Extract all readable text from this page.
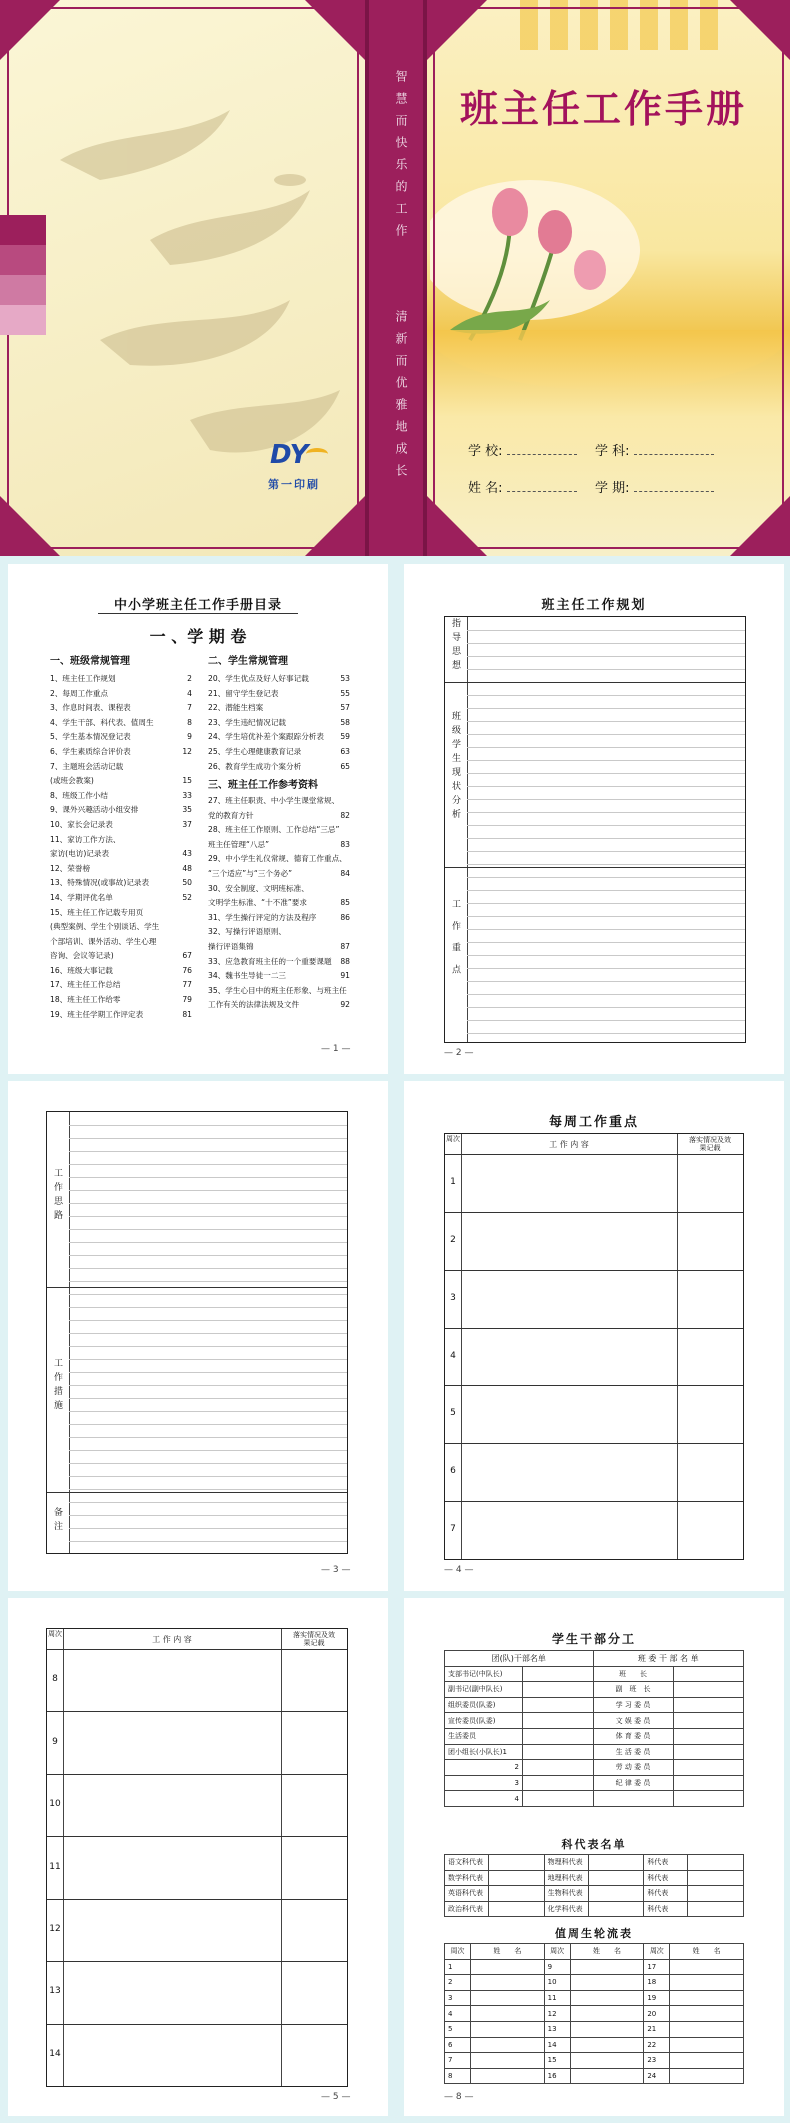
智慧而快乐的工作
清新而优雅地成长
班主任工作手册
学 校:	学 科:
姓 名:	学 期:
DY
第一印刷
中小学班主任工作手册目录
一 、学 期 卷
一、班级常规管理	二、学生常规管理
1、班主任工作规划	2
2、每周工作重点	4
3、作息时间表、课程表	7
4、学生干部、科代表、值周生	8
5、学生基本情况登记表	9
6、学生素质综合评价表	12
7、主题班会活动记载
(或班会教案)	15
8、班级工作小结	33
9、课外兴趣活动小组安排	35
10、家长会记录表	37
11、家访工作方法、
家访(电访)记录表	43
12、荣誉榜	48
13、特殊情况(或事故)记录表	50
14、学期评优名单	52
15、班主任工作记载专用页
(典型案例、学生个别谈话、学生
个部培训、课外活动、学生心理
咨询、会议等记录)	67
16、班级大事记载	76
17、班主任工作总结	77
18、班主任工作给零	79
19、班主任学期工作评定表	81
20、学生优点及好人好事记载	53
21、留守学生登记表	55
22、潜能生档案	57
23、学生违纪情况记载	58
24、学生培优补差个案跟踪分析表 59
25、学生心理健康教育记录	63
26、教育学生成功个案分析	65
三、班主任工作参考资料
27、班主任职责、中小学生课堂常规、
党的教育方针	82
28、班主任工作原则、工作总结“三忌”
班主任管理“八忌”	83
29、中小学生礼仪常规、德育工作重点、
“三个适应”与“三个务必”	84
30、安全制度、文明班标准、
文明学生标准、“十不准”要求	85
31、学生操行评定的方法及程序	86
32、写操行评语原则、
操行评语集锦	87
33、应急教育班主任的一个重要课题 88
34、魏书生导徒一二三	91
35、学生心目中的班主任形象、与班主任
工作有关的法律法规及文件	92
— 1 —
班主任工作规划
指导思想
班级学生现状分析
工 作 重 点
— 2 —
工作思路
工作措施
备注
— 3 —
每周工作重点
周次
工 作 内 容	落实情况及效果记载
1
2
3
4
5
6
7
— 4 —
周次
工 作 内 容	落实情况及效果记载
8
9
10
11
12
13
14
— 5 —
学生干部分工
团(队)干部名单		班 委 干 部 名 单	
支部书记(中队长)		班　　长	
副书记(副中队长)		副　班　长	
组织委员(队委)		学 习 委 员	
宣传委员(队委)		文 娱 委 员	
生活委员		体 育 委 员	
团小组长(小队长)1		生 活 委 员	
2		劳 动 委 员	
3		纪 律 委 员	
4			
科代表名单
语文科代表		物理科代表		科代表	
数学科代表		地理科代表		科代表	
英语科代表		生物科代表		科代表	
政治科代表		化学科代表		科代表	
值周生轮流表
周次	姓　　名	周次	姓　　名	周次	姓　　名
1		9		17	
2		10		18	
3		11		19	
4		12		20	
5		13		21	
6		14		22	
7		15		23	
8		16		24	
— 8 —
